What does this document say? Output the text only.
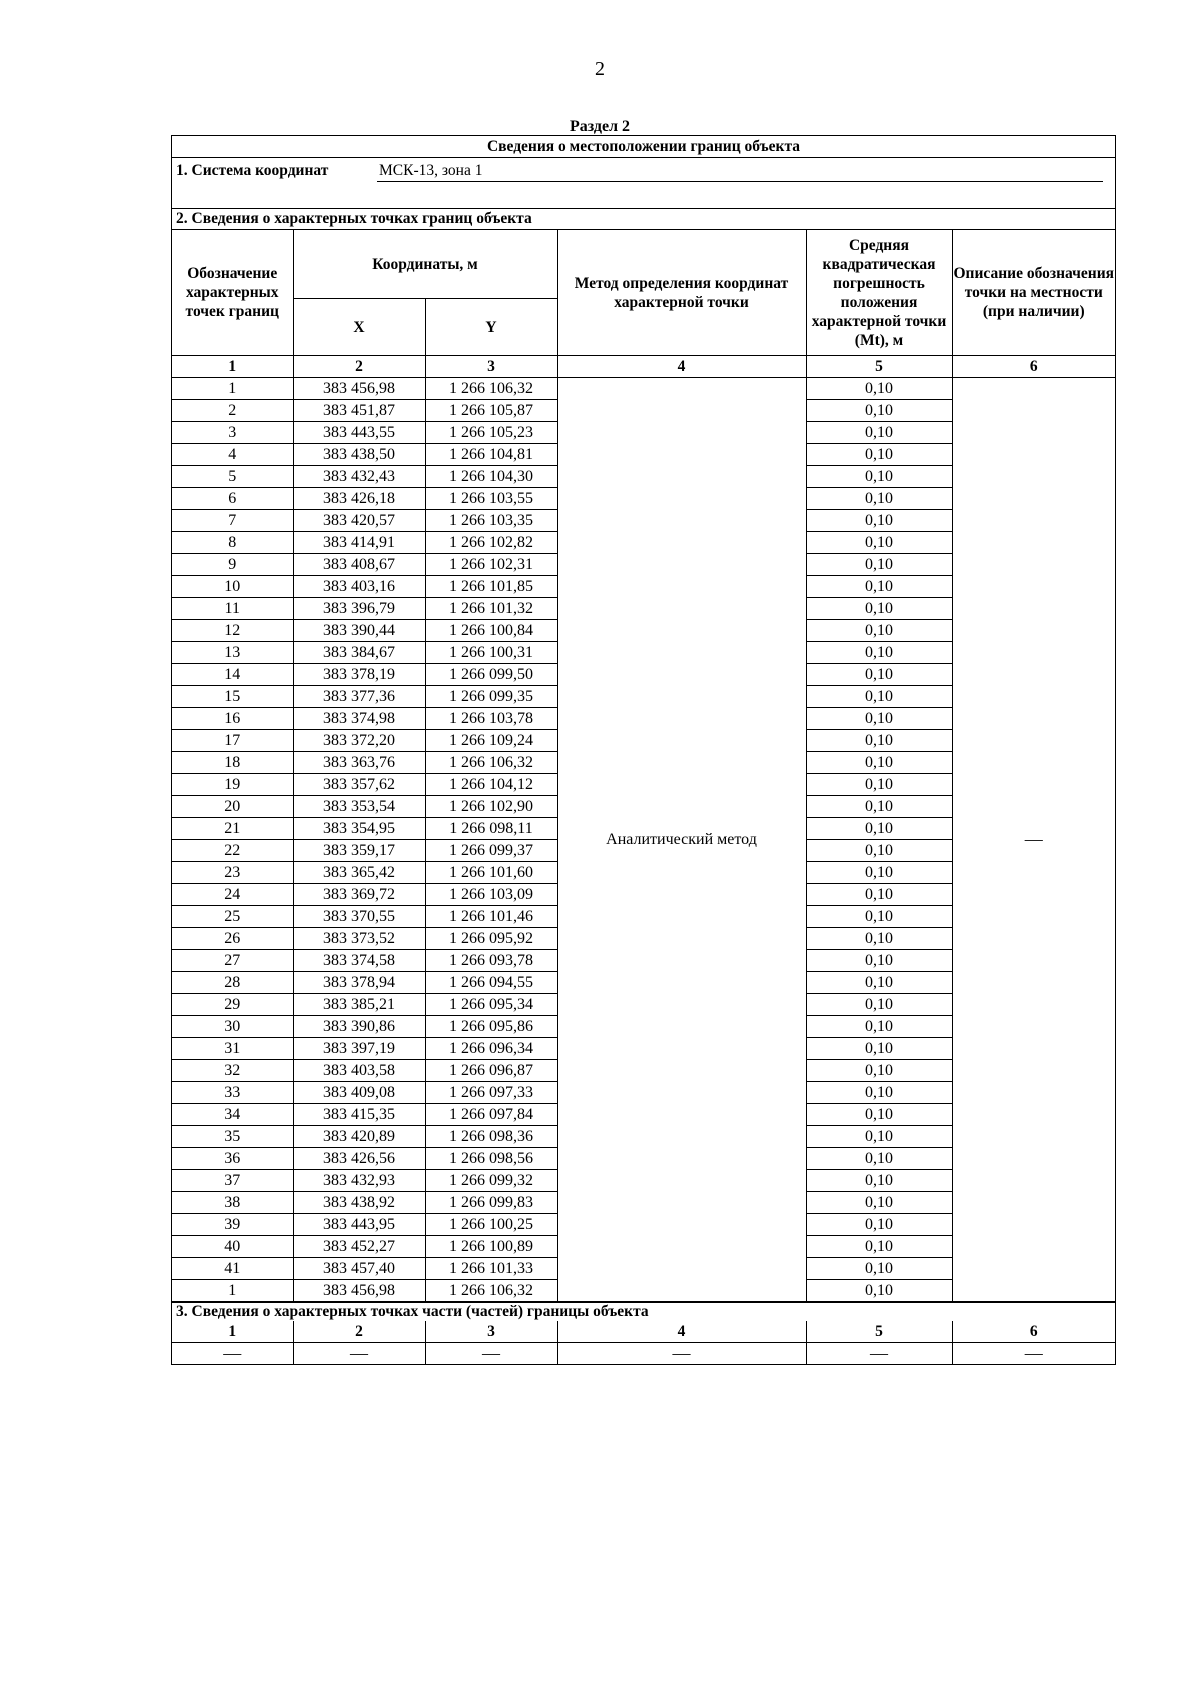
2
Раздел 2
Сведения о местоположении границ объекта
1. Система координат	МСК-13, зона 1
2. Сведения о характерных точках границ объекта
Обозначение характерных точек границ	Координаты, м		Метод определения координат характерной точки	Средняя квадратическая погрешность положения характерной точки (Mt), м	Описание обозначения точки на местности (при наличии)
	X	Y			
1	2	3	4	5	6
1	383 456,98	1 266 106,32	Аналитический метод	0,10	—
2	383 451,87	1 266 105,87		0,10	
3	383 443,55	1 266 105,23		0,10	
4	383 438,50	1 266 104,81		0,10	
5	383 432,43	1 266 104,30		0,10	
6	383 426,18	1 266 103,55		0,10	
7	383 420,57	1 266 103,35		0,10	
8	383 414,91	1 266 102,82		0,10	
9	383 408,67	1 266 102,31		0,10	
10	383 403,16	1 266 101,85		0,10	
11	383 396,79	1 266 101,32		0,10	
12	383 390,44	1 266 100,84		0,10	
13	383 384,67	1 266 100,31		0,10	
14	383 378,19	1 266 099,50		0,10	
15	383 377,36	1 266 099,35		0,10	
16	383 374,98	1 266 103,78		0,10	
17	383 372,20	1 266 109,24		0,10	
18	383 363,76	1 266 106,32		0,10	
19	383 357,62	1 266 104,12		0,10	
20	383 353,54	1 266 102,90		0,10	
21	383 354,95	1 266 098,11		0,10	
22	383 359,17	1 266 099,37		0,10	
23	383 365,42	1 266 101,60		0,10	
24	383 369,72	1 266 103,09		0,10	
25	383 370,55	1 266 101,46		0,10	
26	383 373,52	1 266 095,92		0,10	
27	383 374,58	1 266 093,78		0,10	
28	383 378,94	1 266 094,55		0,10	
29	383 385,21	1 266 095,34		0,10	
30	383 390,86	1 266 095,86		0,10	
31	383 397,19	1 266 096,34		0,10	
32	383 403,58	1 266 096,87		0,10	
33	383 409,08	1 266 097,33		0,10	
34	383 415,35	1 266 097,84		0,10	
35	383 420,89	1 266 098,36		0,10	
36	383 426,56	1 266 098,56		0,10	
37	383 432,93	1 266 099,32		0,10	
38	383 438,92	1 266 099,83		0,10	
39	383 443,95	1 266 100,25		0,10	
40	383 452,27	1 266 100,89		0,10	
41	383 457,40	1 266 101,33		0,10	
1	383 456,98	1 266 106,32		0,10	
3. Сведения о характерных точках части (частей) границы объекта
1	2	3	4	5	6
—	—	—	—	—	—
